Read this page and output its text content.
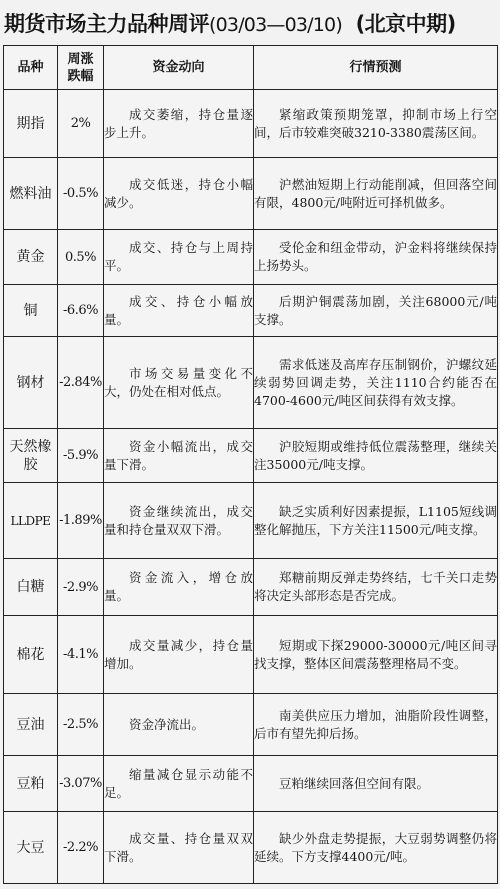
期货市场主力品种周评(03/03—03/10) (北京中期)
品种	周涨跌幅	资金动向	行情预测
期指	2%	成交萎缩，持仓量逐步上升。	紧缩政策预期笼罩，抑制市场上行空间，后市较难突破3210-3380震荡区间。
燃料油	-0.5%	成交低迷，持仓小幅减少。	沪燃油短期上行动能削减，但回落空间有限，4800元/吨附近可择机做多。
黄金	0.5%	成交、持仓与上周持平。	受伦金和纽金带动，沪金料将继续保持上扬势头。
铜	-6.6%	成交、持仓小幅放量。	后期沪铜震荡加剧，关注68000元/吨支撑。
钢材	-2.84%	市场交易量变化不大，仍处在相对低点。	需求低迷及高库存压制钢价，沪螺纹延续弱势回调走势，关注1110合约能否在4700-4600元/吨区间获得有效支撑。
天然橡胶	-5.9%	资金小幅流出，成交量下滑。	沪胶短期或维持低位震荡整理，继续关注35000元/吨支撑。
LLDPE	-1.89%	资金继续流出，成交量和持仓量双双下滑。	缺乏实质利好因素提振，L1105短线调整化解抛压，下方关注11500元/吨支撑。
白糖	-2.9%	资金流入，增仓放量。	郑糖前期反弹走势终结，七千关口走势将决定头部形态是否完成。
棉花	-4.1%	成交量减少，持仓量增加。	短期或下探29000-30000元/吨区间寻找支撑，整体区间震荡整理格局不变。
豆油	-2.5%	资金净流出。	南美供应压力增加，油脂阶段性调整，后市有望先抑后扬。
豆粕	-3.07%	缩量减仓显示动能不足。	豆粕继续回落但空间有限。
大豆	-2.2%	成交量、持仓量双双下滑。	缺少外盘走势提振，大豆弱势调整仍将延续。下方支撑4400元/吨。
